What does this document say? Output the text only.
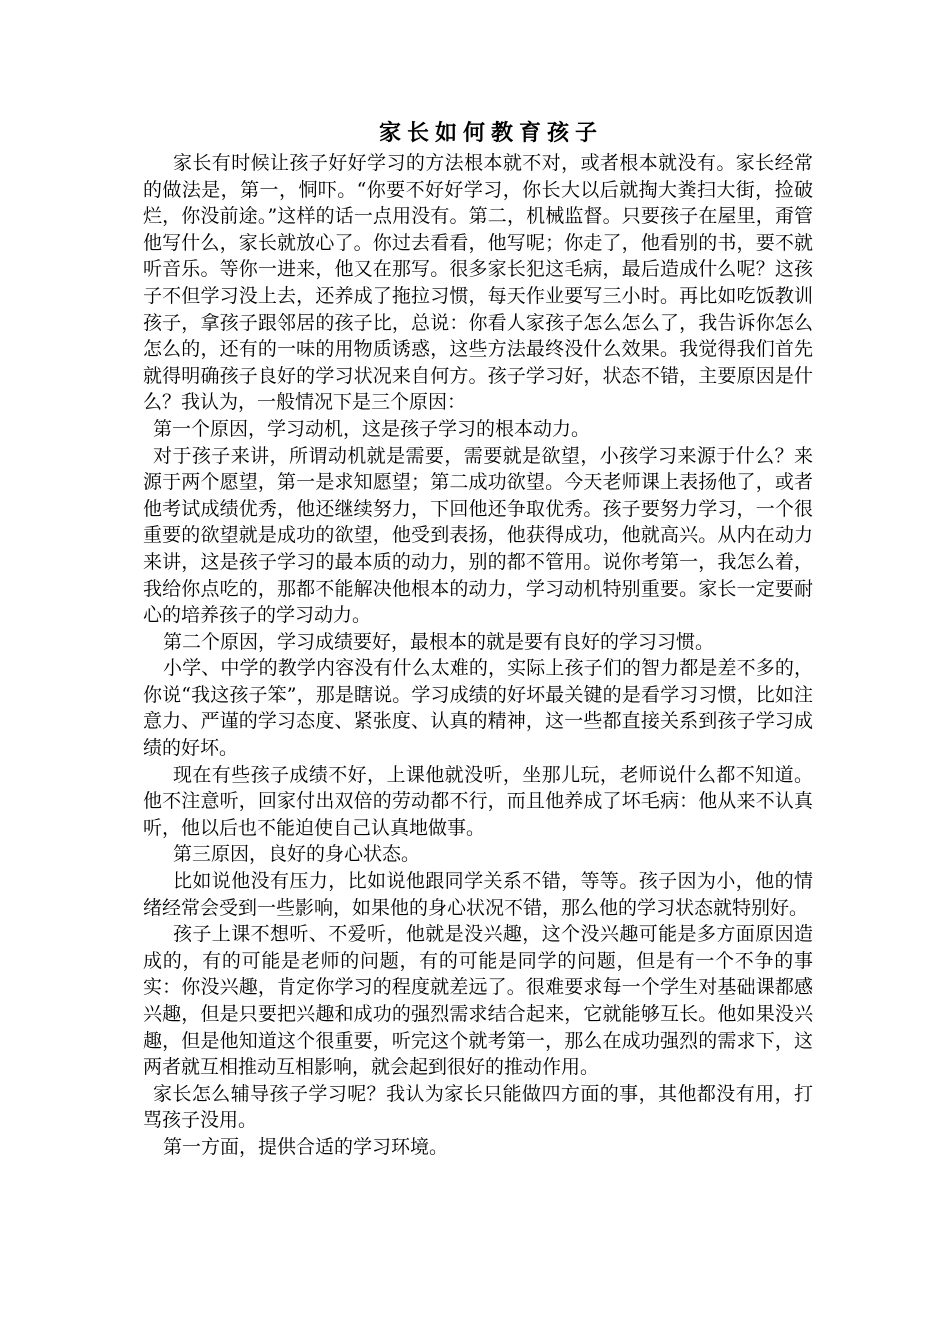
家长如何教育孩子

家长有时候让孩子好好学习的方法根本就不对，或者根本就没有。家长经常的做法是，第一，恫吓。“你要不好好学习，你长大以后就掏大粪扫大街，捡破烂，你没前途。”这样的话一点用没有。第二，机械监督。只要孩子在屋里，甭管他写什么，家长就放心了。你过去看看，他写呢；你走了，他看别的书，要不就听音乐。等你一进来，他又在那写。很多家长犯这毛病，最后造成什么呢？这孩子不但学习没上去，还养成了拖拉习惯，每天作业要写三小时。再比如吃饭教训孩子，拿孩子跟邻居的孩子比，总说：你看人家孩子怎么怎么了，我告诉你怎么怎么的，还有的一味的用物质诱惑，这些方法最终没什么效果。我觉得我们首先就得明确孩子良好的学习状况来自何方。孩子学习好，状态不错，主要原因是什么？我认为，一般情况下是三个原因：

第一个原因，学习动机，这是孩子学习的根本动力。

对于孩子来讲，所谓动机就是需要，需要就是欲望，小孩学习来源于什么？来源于两个愿望，第一是求知愿望；第二成功欲望。今天老师课上表扬他了，或者他考试成绩优秀，他还继续努力，下回他还争取优秀。孩子要努力学习，一个很重要的欲望就是成功的欲望，他受到表扬，他获得成功，他就高兴。从内在动力来讲，这是孩子学习的最本质的动力，别的都不管用。说你考第一，我怎么着，我给你点吃的，那都不能解决他根本的动力，学习动机特别重要。家长一定要耐心的培养孩子的学习动力。

第二个原因，学习成绩要好，最根本的就是要有良好的学习习惯。

小学、中学的教学内容没有什么太难的，实际上孩子们的智力都是差不多的，你说“我这孩子笨”，那是瞎说。学习成绩的好坏最关键的是看学习习惯，比如注意力、严谨的学习态度、紧张度、认真的精神，这一些都直接关系到孩子学习成绩的好坏。

现在有些孩子成绩不好，上课他就没听，坐那儿玩，老师说什么都不知道。他不注意听，回家付出双倍的劳动都不行，而且他养成了坏毛病：他从来不认真听，他以后也不能迫使自己认真地做事。

第三原因，良好的身心状态。

比如说他没有压力，比如说他跟同学关系不错，等等。孩子因为小，他的情绪经常会受到一些影响，如果他的身心状况不错，那么他的学习状态就特别好。

孩子上课不想听、不爱听，他就是没兴趣，这个没兴趣可能是多方面原因造成的，有的可能是老师的问题，有的可能是同学的问题，但是有一个不争的事实：你没兴趣，肯定你学习的程度就差远了。很难要求每一个学生对基础课都感兴趣，但是只要把兴趣和成功的强烈需求结合起来，它就能够互长。他如果没兴趣，但是他知道这个很重要，听完这个就考第一，那么在成功强烈的需求下，这两者就互相推动互相影响，就会起到很好的推动作用。

家长怎么辅导孩子学习呢？我认为家长只能做四方面的事，其他都没有用，打骂孩子没用。

第一方面，提供合适的学习环境。
